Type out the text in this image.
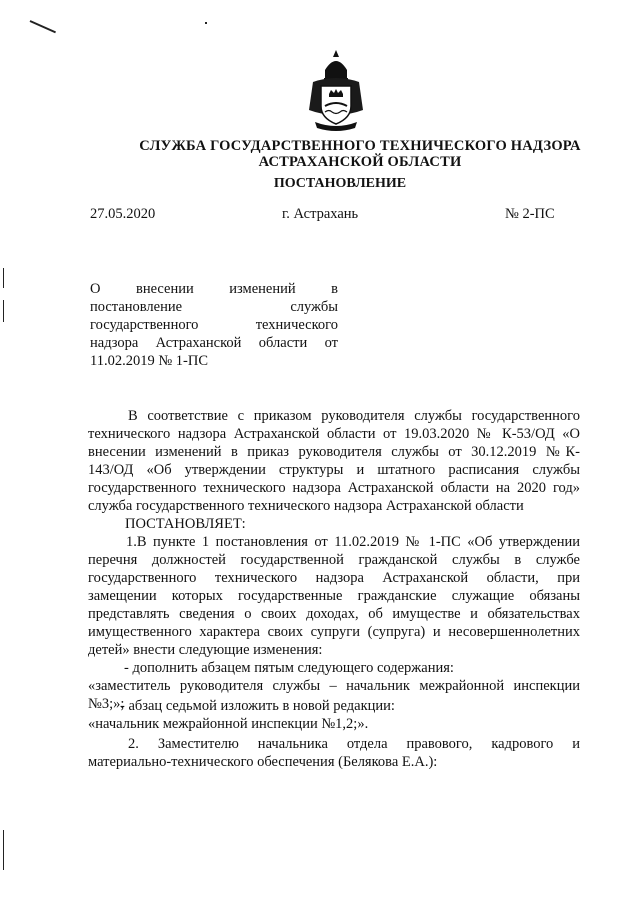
СЛУЖБА ГОСУДАРСТВЕННОГО ТЕХНИЧЕСКОГО НАДЗОРА
АСТРАХАНСКОЙ ОБЛАСТИ
ПОСТАНОВЛЕНИЕ
27.05.2020	г. Астрахань	№ 2-ПС
О внесении изменений в
постановление службы
государственного технического
надзора Астраханской области от
11.02.2019 № 1-ПС
В соответствие с приказом руководителя службы государственного
технического надзора Астраханской области от 19.03.2020 № К-53/ОД «О
внесении изменений в приказ руководителя службы от 30.12.2019 №К-
143/ОД «Об утверждении структуры и штатного расписания службы
государственного технического надзора Астраханской области на 2020 год»
служба государственного технического надзора Астраханской области
ПОСТАНОВЛЯЕТ:
1.В пункте 1 постановления от 11.02.2019 № 1-ПС «Об утверждении
перечня должностей государственной гражданской службы в службе
государственного технического надзора Астраханской области, при
замещении которых государственные гражданские служащие обязаны
представлять сведения о своих доходах, об имуществе и обязательствах
имущественного характера своих супруги (супруга) и несовершеннолетних
детей» внести следующие изменения:
- дополнить абзацем пятым следующего содержания:
«заместитель руководителя службы – начальник межрайонной инспекции
№3;»;
- абзац седьмой изложить в новой редакции:
«начальник межрайонной инспекции №1,2;».
2. Заместителю начальника отдела правового, кадрового и
материально-технического обеспечения (Белякова Е.А.):
